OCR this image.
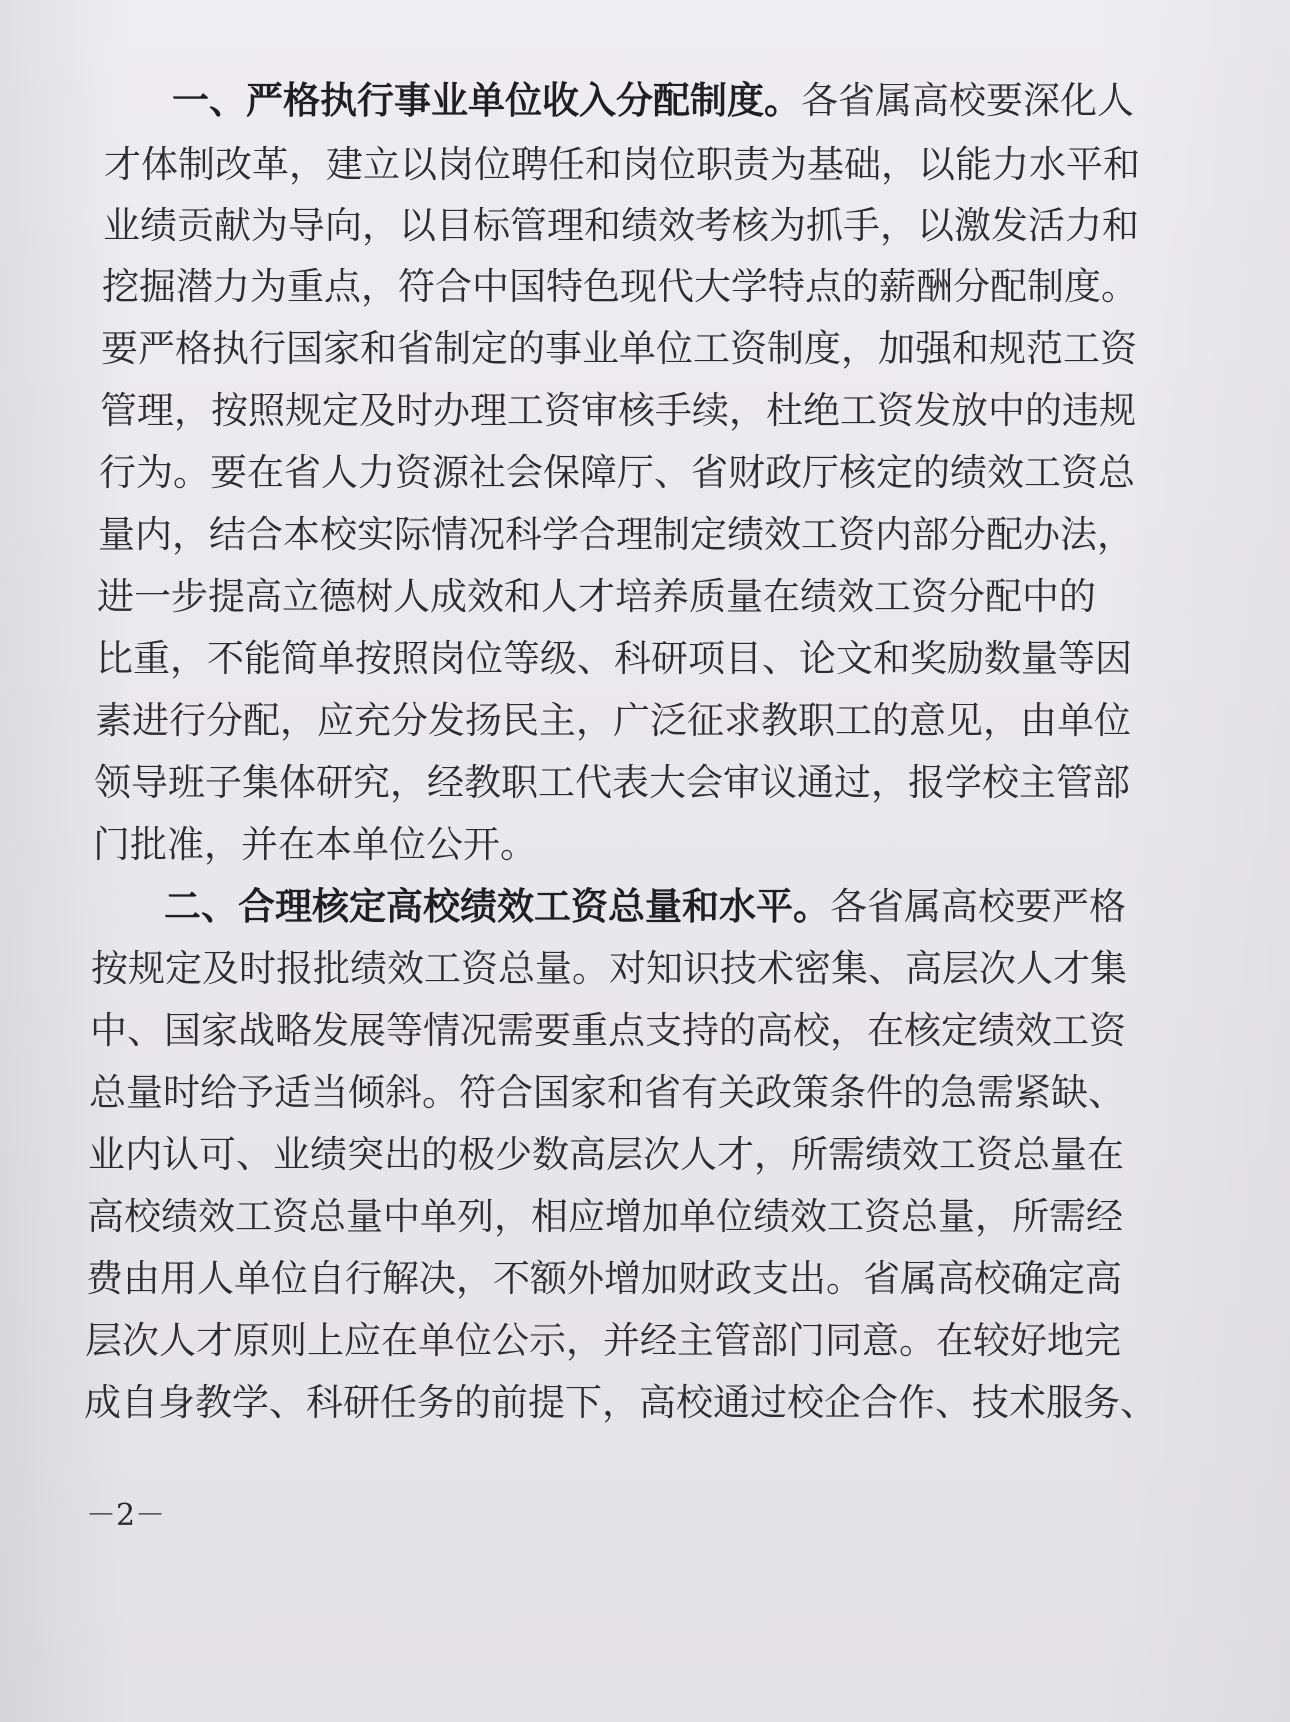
一、严格执行事业单位收入分配制度。各省属高校要深化人

才体制改革，建立以岗位聘任和岗位职责为基础，以能力水平和

业绩贡献为导向，以目标管理和绩效考核为抓手，以激发活力和

挖掘潜力为重点，符合中国特色现代大学特点的薪酬分配制度。

要严格执行国家和省制定的事业单位工资制度，加强和规范工资

管理，按照规定及时办理工资审核手续，杜绝工资发放中的违规

行为。要在省人力资源社会保障厅、省财政厅核定的绩效工资总

量内，结合本校实际情况科学合理制定绩效工资内部分配办法，

进一步提高立德树人成效和人才培养质量在绩效工资分配中的

比重，不能简单按照岗位等级、科研项目、论文和奖励数量等因

素进行分配，应充分发扬民主，广泛征求教职工的意见，由单位

领导班子集体研究，经教职工代表大会审议通过，报学校主管部

门批准，并在本单位公开。

二、合理核定高校绩效工资总量和水平。各省属高校要严格

按规定及时报批绩效工资总量。对知识技术密集、高层次人才集

中、国家战略发展等情况需要重点支持的高校，在核定绩效工资

总量时给予适当倾斜。符合国家和省有关政策条件的急需紧缺、

业内认可、业绩突出的极少数高层次人才，所需绩效工资总量在

高校绩效工资总量中单列，相应增加单位绩效工资总量，所需经

费由用人单位自行解决，不额外增加财政支出。省属高校确定高

层次人才原则上应在单位公示，并经主管部门同意。在较好地完

成自身教学、科研任务的前提下，高校通过校企合作、技术服务、

－2－
